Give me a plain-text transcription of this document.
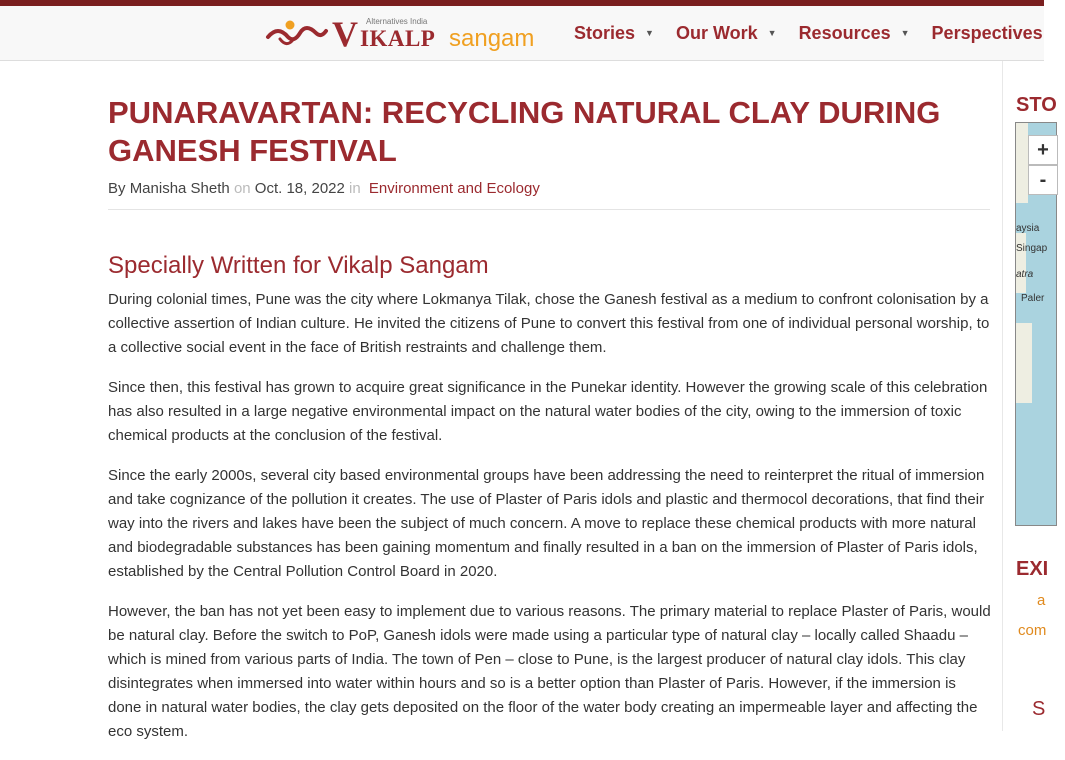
Alternatives India
V IKALP sangam Stories ▼ Our Work ▼ Resources ▼ Perspectives
PUNARAVARTAN: RECYCLING NATURAL CLAY DURING GANESH FESTIVAL
By Manisha Sheth on Oct. 18, 2022 in Environment and Ecology
Specially Written for Vikalp Sangam

During colonial times, Pune was the city where Lokmanya Tilak, chose the Ganesh festival as a medium to confront colonisation by a collective assertion of Indian culture. He invited the citizens of Pune to convert this festival from one of individual personal worship, to a collective social event in the face of British restraints and challenge them.

Since then, this festival has grown to acquire great significance in the Punekar identity. However the growing scale of this celebration has also resulted in a large negative environmental impact on the natural water bodies of the city, owing to the immersion of toxic chemical products at the conclusion of the festival.

Since the early 2000s, several city based environmental groups have been addressing the need to reinterpret the ritual of immersion and take cognizance of the pollution it creates. The use of Plaster of Paris idols and plastic and thermocol decorations, that find their way into the rivers and lakes have been the subject of much concern. A move to replace these chemical products with more natural and biodegradable substances has been gaining momentum and finally resulted in a ban on the immersion of Plaster of Paris idols, established by the Central Pollution Control Board in 2020.

However, the ban has not yet been easy to implement due to various reasons. The primary material to replace Plaster of Paris, would be natural clay. Before the switch to PoP, Ganesh idols were made using a particular type of natural clay – locally called Shaadu – which is mined from various parts of India. The town of Pen – close to Pune, is the largest producer of natural clay idols. This clay disintegrates when immersed into water within hours and so is a better option than Plaster of Paris. However, if the immersion is done in natural water bodies, the clay gets deposited on the floor of the water body creating an impermeable layer and affecting the eco system.

STO
+
-
aysia
Singap
atra
Paler
EXI
a
com
S
